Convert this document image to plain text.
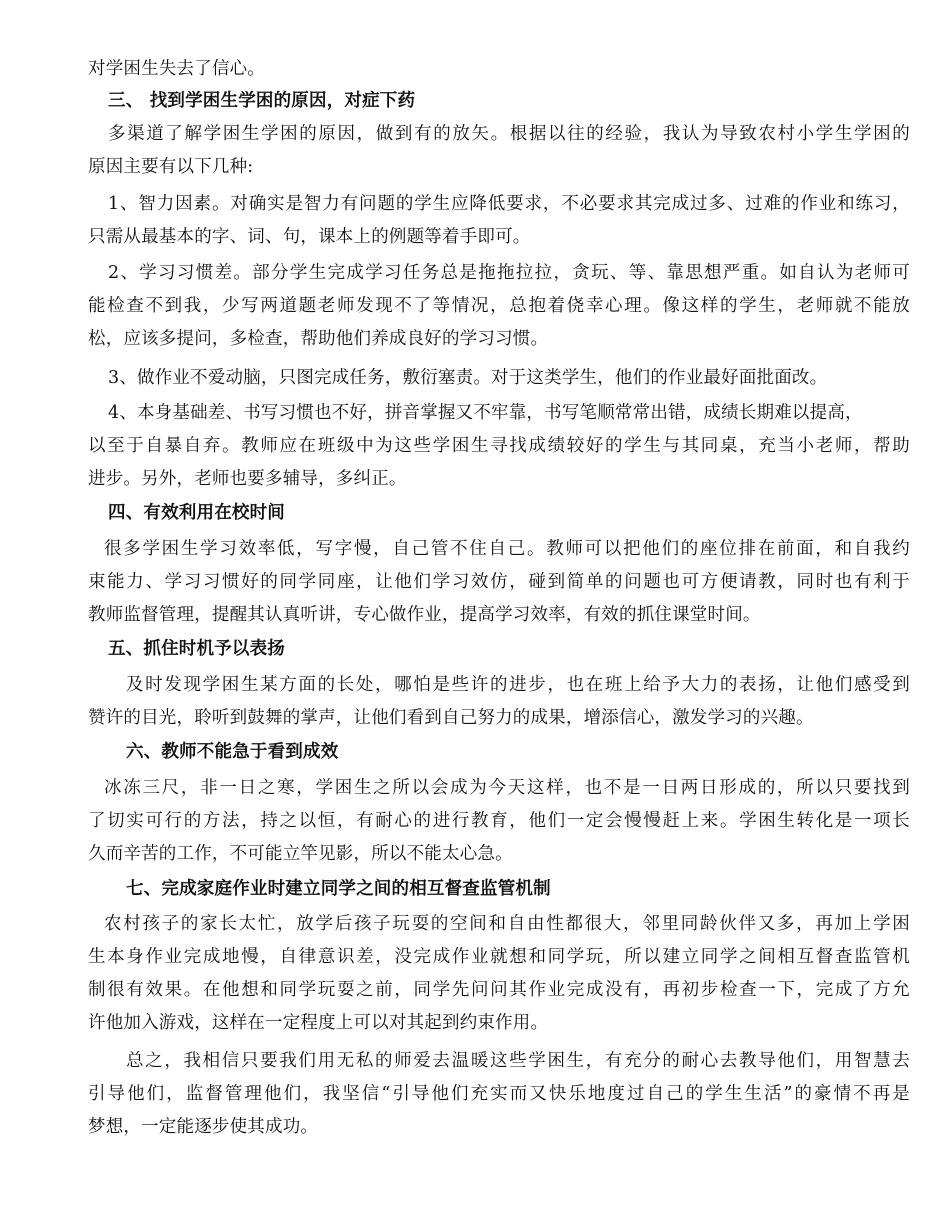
对学困生失去了信心。
三、 找到学困生学困的原因，对症下药
多渠道了解学困生学困的原因，做到有的放矢。根据以往的经验，我认为导致农村小学生学困的
原因主要有以下几种:
1、智力因素。对确实是智力有问题的学生应降低要求，不必要求其完成过多、过难的作业和练习，
只需从最基本的字、词、句，课本上的例题等着手即可。
2、学习习惯差。部分学生完成学习任务总是拖拖拉拉，贪玩、等、靠思想严重。如自认为老师可
能检查不到我，少写两道题老师发现不了等情况，总抱着侥幸心理。像这样的学生，老师就不能放
松，应该多提问，多检查，帮助他们养成良好的学习习惯。
3、做作业不爱动脑，只图完成任务，敷衍塞责。对于这类学生，他们的作业最好面批面改。
4、本身基础差、书写习惯也不好，拼音掌握又不牢靠，书写笔顺常常出错，成绩长期难以提高，
以至于自暴自弃。教师应在班级中为这些学困生寻找成绩较好的学生与其同桌，充当小老师，帮助
进步。另外，老师也要多辅导，多纠正。
四、有效利用在校时间
很多学困生学习效率低，写字慢，自己管不住自己。教师可以把他们的座位排在前面，和自我约
束能力、学习习惯好的同学同座，让他们学习效仿，碰到简单的问题也可方便请教，同时也有利于
教师监督管理，提醒其认真听讲，专心做作业，提高学习效率，有效的抓住课堂时间。
五、抓住时机予以表扬
及时发现学困生某方面的长处，哪怕是些许的进步，也在班上给予大力的表扬，让他们感受到
赞许的目光，聆听到鼓舞的掌声，让他们看到自己努力的成果，增添信心，激发学习的兴趣。
六、教师不能急于看到成效
冰冻三尺，非一日之寒，学困生之所以会成为今天这样，也不是一日两日形成的，所以只要找到
了切实可行的方法，持之以恒，有耐心的进行教育，他们一定会慢慢赶上来。学困生转化是一项长
久而辛苦的工作，不可能立竿见影，所以不能太心急。
七、完成家庭作业时建立同学之间的相互督查监管机制
农村孩子的家长太忙，放学后孩子玩耍的空间和自由性都很大，邻里同龄伙伴又多，再加上学困
生本身作业完成地慢，自律意识差，没完成作业就想和同学玩，所以建立同学之间相互督查监管机
制很有效果。在他想和同学玩耍之前，同学先问问其作业完成没有，再初步检查一下，完成了方允
许他加入游戏，这样在一定程度上可以对其起到约束作用。
总之，我相信只要我们用无私的师爱去温暖这些学困生，有充分的耐心去教导他们，用智慧去
引导他们，监督管理他们，我坚信“引导他们充实而又快乐地度过自己的学生生活”的豪情不再是
梦想，一定能逐步使其成功。
